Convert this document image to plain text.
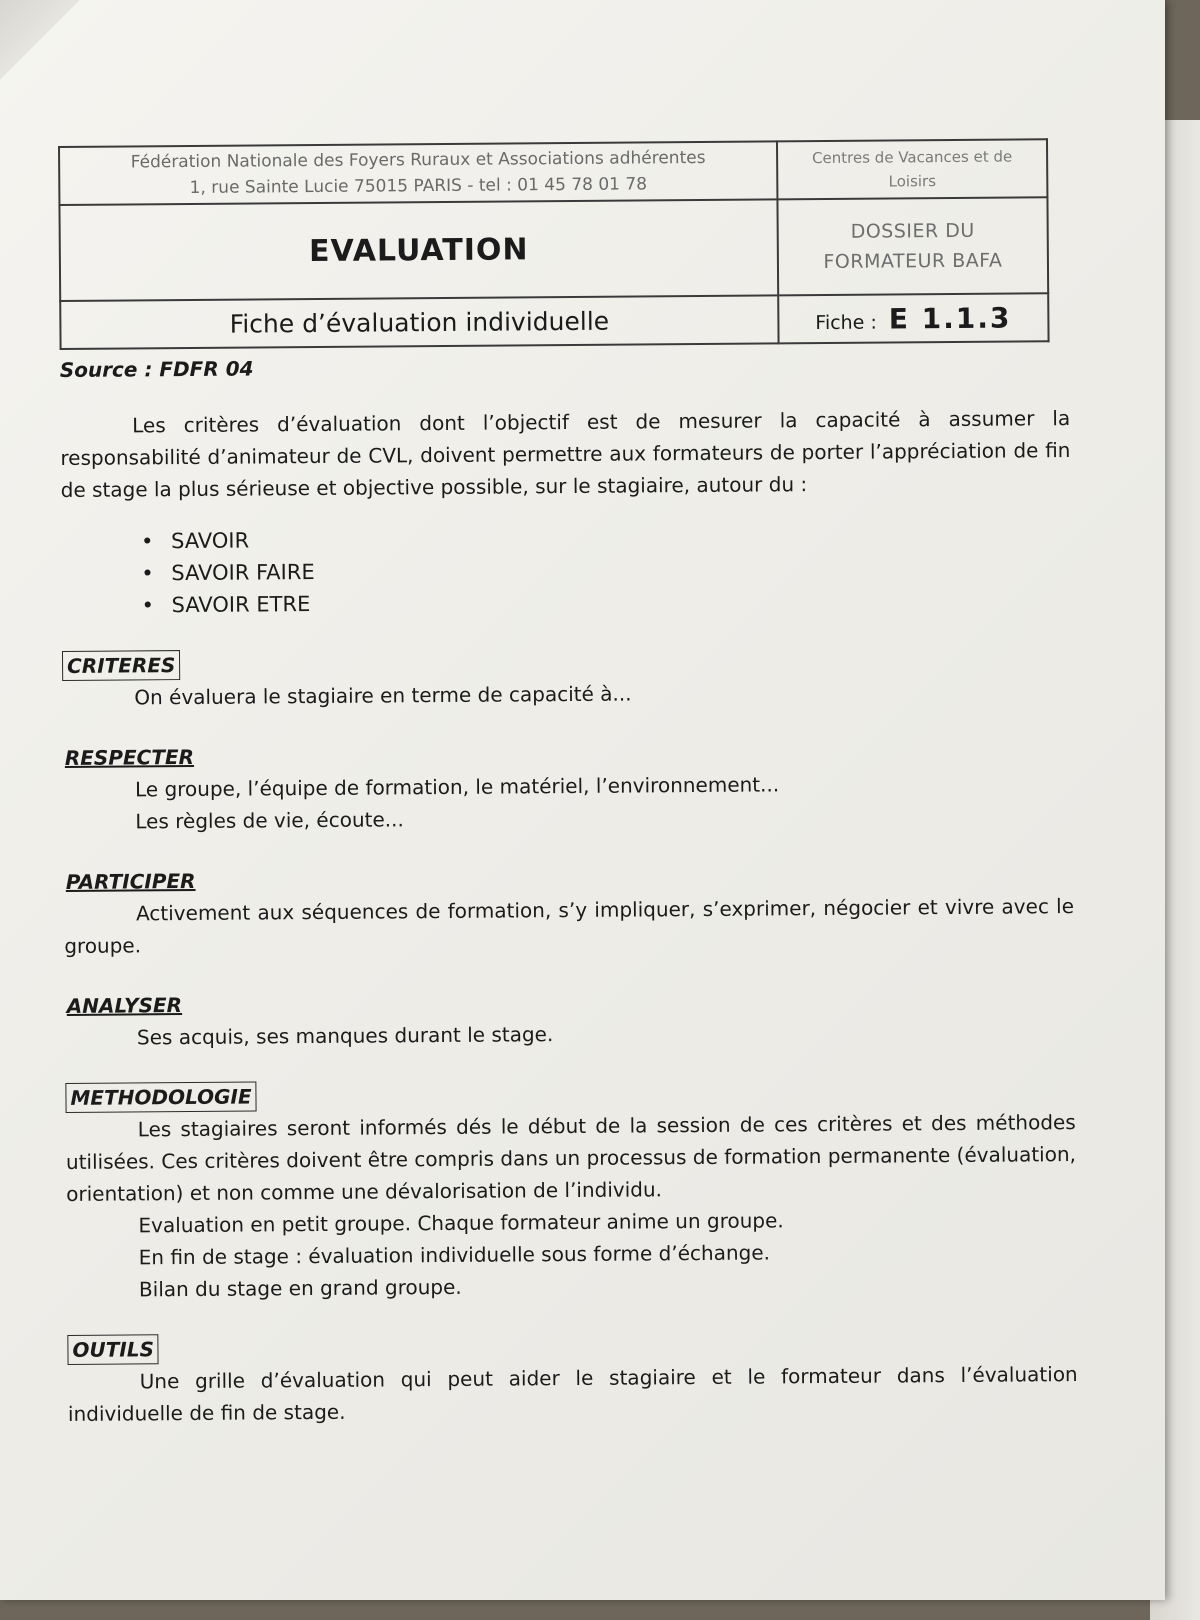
Fédération Nationale des Foyers Ruraux et Associations adhérentes
1, rue Sainte Lucie 75015 PARIS - tel : 01 45 78 01 78	Centres de Vacances et de Loisirs
EVALUATION	DOSSIER DU
FORMATEUR BAFA

Fiche d’évaluation individuelle	Fiche : E 1.1.3
Source : FDFR 04

Les critères d’évaluation dont l’objectif est de mesurer la capacité à assumer la responsabilité d’animateur de CVL, doivent permettre aux formateurs de porter l’appréciation de fin de stage la plus sérieuse et objective possible, sur le stagiaire, autour du :

• SAVOIR
• SAVOIR FAIRE
• SAVOIR ETRE
CRITERES

On évaluera le stagiaire en terme de capacité à...

RESPECTER

Le groupe, l’équipe de formation, le matériel, l’environnement...

Les règles de vie, écoute...

PARTICIPER

Activement aux séquences de formation, s’y impliquer, s’exprimer, négocier et vivre avec le groupe.

ANALYSER

Ses acquis, ses manques durant le stage.

METHODOLOGIE

Les stagiaires seront informés dés le début de la session de ces critères et des méthodes utilisées. Ces critères doivent être compris dans un processus de formation permanente (évaluation, orientation) et non comme une dévalorisation de l’individu.

Evaluation en petit groupe. Chaque formateur anime un groupe.

En fin de stage : évaluation individuelle sous forme d’échange.

Bilan du stage en grand groupe.

OUTILS

Une grille d’évaluation qui peut aider le stagiaire et le formateur dans l’évaluation individuelle de fin de stage.
